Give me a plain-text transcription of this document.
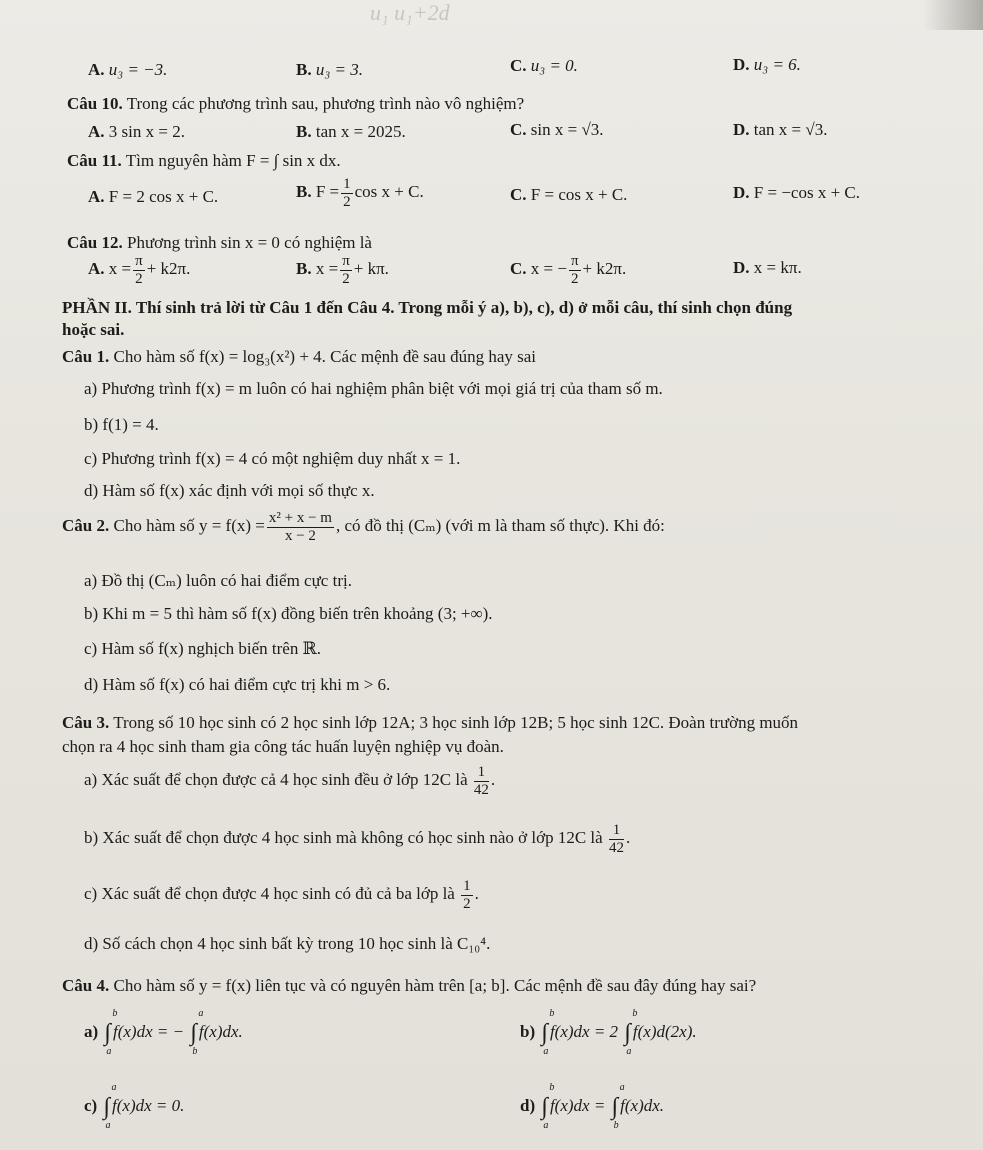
u₁ u₁+2d
A. u₃ = −3.	B. u₃ = 3.	C. u₃ = 0.	D. u₃ = 6.
Câu 10. Trong các phương trình sau, phương trình nào vô nghiệm?
A. 3 sin x = 2.	B. tan x = 2025.	C. sin x = √3.	D. tan x = √3.
Câu 11. Tìm nguyên hàm F = ∫ sin x dx.
A. F = 2 cos x + C.	B. $F = \frac{1}{2}$ cos x + C.	C. F = cos x + C.	D. F = −cos x + C.
Câu 12. Phương trình sin x = 0 có nghiệm là
A. $x = \frac{\pi}{2} + k2\pi$.	B. $x = \frac{\pi}{2} + k\pi$.	C. x = − $\frac{\pi}{2} + k2\pi$.	D. x = kπ.
PHẦN II. Thí sinh trả lời từ Câu 1 đến Câu 4. Trong mỗi ý a), b), c), d) ở mỗi câu, thí sinh chọn đúng
hoặc sai.
Câu 1. Cho hàm số f(x) = log₃(x²) + 4. Các mệnh đề sau đúng hay sai
a) Phương trình f(x) = m luôn có hai nghiệm phân biệt với mọi giá trị của tham số m.
b) f(1) = 4.
c) Phương trình f(x) = 4 có một nghiệm duy nhất x = 1.
d) Hàm số f(x) xác định với mọi số thực x.
Câu 2. Cho hàm số $y = f(x) = \frac{\text{x² + x − m}}{x - 2}$ , có đồ thị (Cₘ) (với m là tham số thực). Khi đó:
a) Đồ thị (Cₘ) luôn có hai điểm cực trị.
b) Khi m = 5 thì hàm số f(x) đồng biến trên khoảng (3; +∞).
c) Hàm số f(x) nghịch biến trên ℝ.
d) Hàm số f(x) có hai điểm cực trị khi m > 6.
Câu 3. Trong số 10 học sinh có 2 học sinh lớp 12A; 3 học sinh lớp 12B; 5 học sinh 12C. Đoàn trường muốn
chọn ra 4 học sinh tham gia công tác huấn luyện nghiệp vụ đoàn.
a) Xác suất để chọn được cả 4 học sinh đều ở lớp 12C là $\frac{1}{42}$ .
b) Xác suất để chọn được 4 học sinh mà không có học sinh nào ở lớp 12C là $\frac{1}{42}$ .
c) Xác suất để chọn được 4 học sinh có đủ cả ba lớp là $\frac{1}{2}$ .
d) Số cách chọn 4 học sinh bất kỳ trong 10 học sinh là C₁₀⁴.
Câu 4. Cho hàm số y = f(x) liên tục và có nguyên hàm trên [a; b]. Các mệnh đề sau đây đúng hay sai?
a) ∫
b
a
f(x)dx = − ∫
a
b
f(x)dx.	b) ∫
b
a
f(x)dx = 2 ∫
b
a
f(x)d(2x).
c) ∫
a
a
f(x)dx = 0.	d) ∫
b
a
f(x)dx = ∫
a
b
f(x)dx.
